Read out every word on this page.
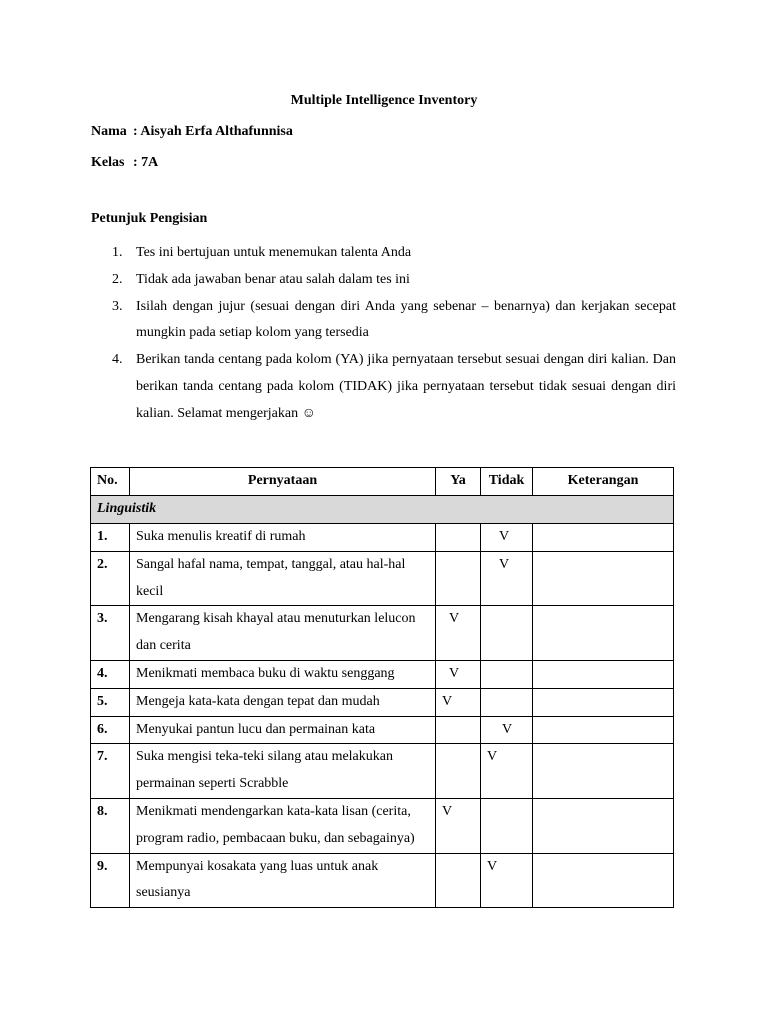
Multiple Intelligence Inventory
Nama : Aisyah Erfa Althafunnisa
Kelas : 7A
Petunjuk Pengisian
1. Tes ini bertujuan untuk menemukan talenta Anda
2. Tidak ada jawaban benar atau salah dalam tes ini
3. Isilah dengan jujur (sesuai dengan diri Anda yang sebenar – benarnya) dan kerjakan secepat mungkin pada setiap kolom yang tersedia
4. Berikan tanda centang pada kolom (YA) jika pernyataan tersebut sesuai dengan diri kalian. Dan berikan tanda centang pada kolom (TIDAK) jika pernyataan tersebut tidak sesuai dengan diri kalian. Selamat mengerjakan ☺
No.	Pernyataan	Ya	Tidak	Keterangan
Linguistik				
1.	Suka menulis kreatif di rumah		V	
2.	Sangal hafal nama, tempat, tanggal, atau hal-hal kecil		V	
3.	Mengarang kisah khayal atau menuturkan lelucon dan cerita	V		
4.	Menikmati membaca buku di waktu senggang	V		
5.	Mengeja kata-kata dengan tepat dan mudah	V		
6.	Menyukai pantun lucu dan permainan kata		V	
7.	Suka mengisi teka-teki silang atau melakukan permainan seperti Scrabble		V	
8.	Menikmati mendengarkan kata-kata lisan (cerita, program radio, pembacaan buku, dan sebagainya)	V		
9.	Mempunyai kosakata yang luas untuk anak seusianya		V	
